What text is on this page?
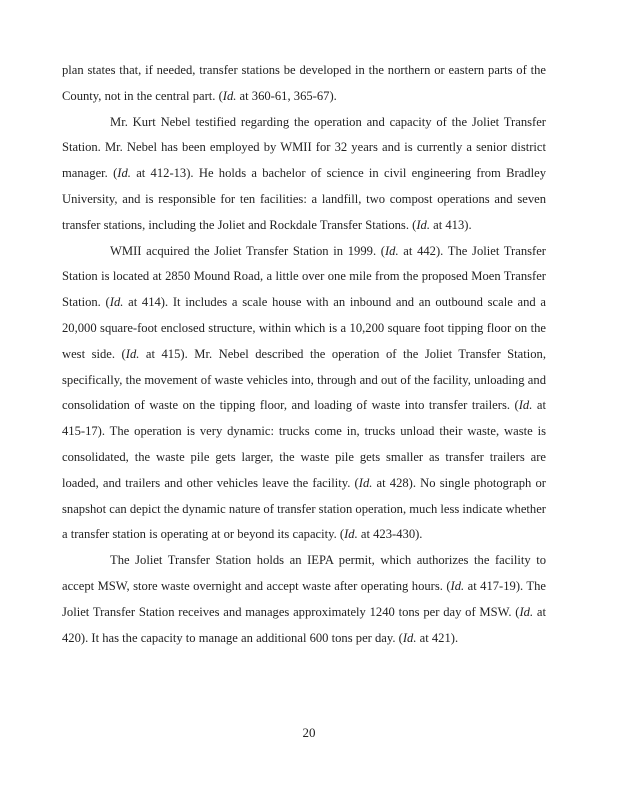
plan states that, if needed, transfer stations be developed in the northern or eastern parts of the County, not in the central part. (Id. at 360-61, 365-67).

Mr. Kurt Nebel testified regarding the operation and capacity of the Joliet Transfer Station. Mr. Nebel has been employed by WMII for 32 years and is currently a senior district manager. (Id. at 412-13). He holds a bachelor of science in civil engineering from Bradley University, and is responsible for ten facilities: a landfill, two compost operations and seven transfer stations, including the Joliet and Rockdale Transfer Stations. (Id. at 413).

WMII acquired the Joliet Transfer Station in 1999. (Id. at 442). The Joliet Transfer Station is located at 2850 Mound Road, a little over one mile from the proposed Moen Transfer Station. (Id. at 414). It includes a scale house with an inbound and an outbound scale and a 20,000 square-foot enclosed structure, within which is a 10,200 square foot tipping floor on the west side. (Id. at 415). Mr. Nebel described the operation of the Joliet Transfer Station, specifically, the movement of waste vehicles into, through and out of the facility, unloading and consolidation of waste on the tipping floor, and loading of waste into transfer trailers. (Id. at 415-17). The operation is very dynamic: trucks come in, trucks unload their waste, waste is consolidated, the waste pile gets larger, the waste pile gets smaller as transfer trailers are loaded, and trailers and other vehicles leave the facility. (Id. at 428). No single photograph or snapshot can depict the dynamic nature of transfer station operation, much less indicate whether a transfer station is operating at or beyond its capacity. (Id. at 423-430).

The Joliet Transfer Station holds an IEPA permit, which authorizes the facility to accept MSW, store waste overnight and accept waste after operating hours. (Id. at 417-19). The Joliet Transfer Station receives and manages approximately 1240 tons per day of MSW. (Id. at 420). It has the capacity to manage an additional 600 tons per day. (Id. at 421).

20
